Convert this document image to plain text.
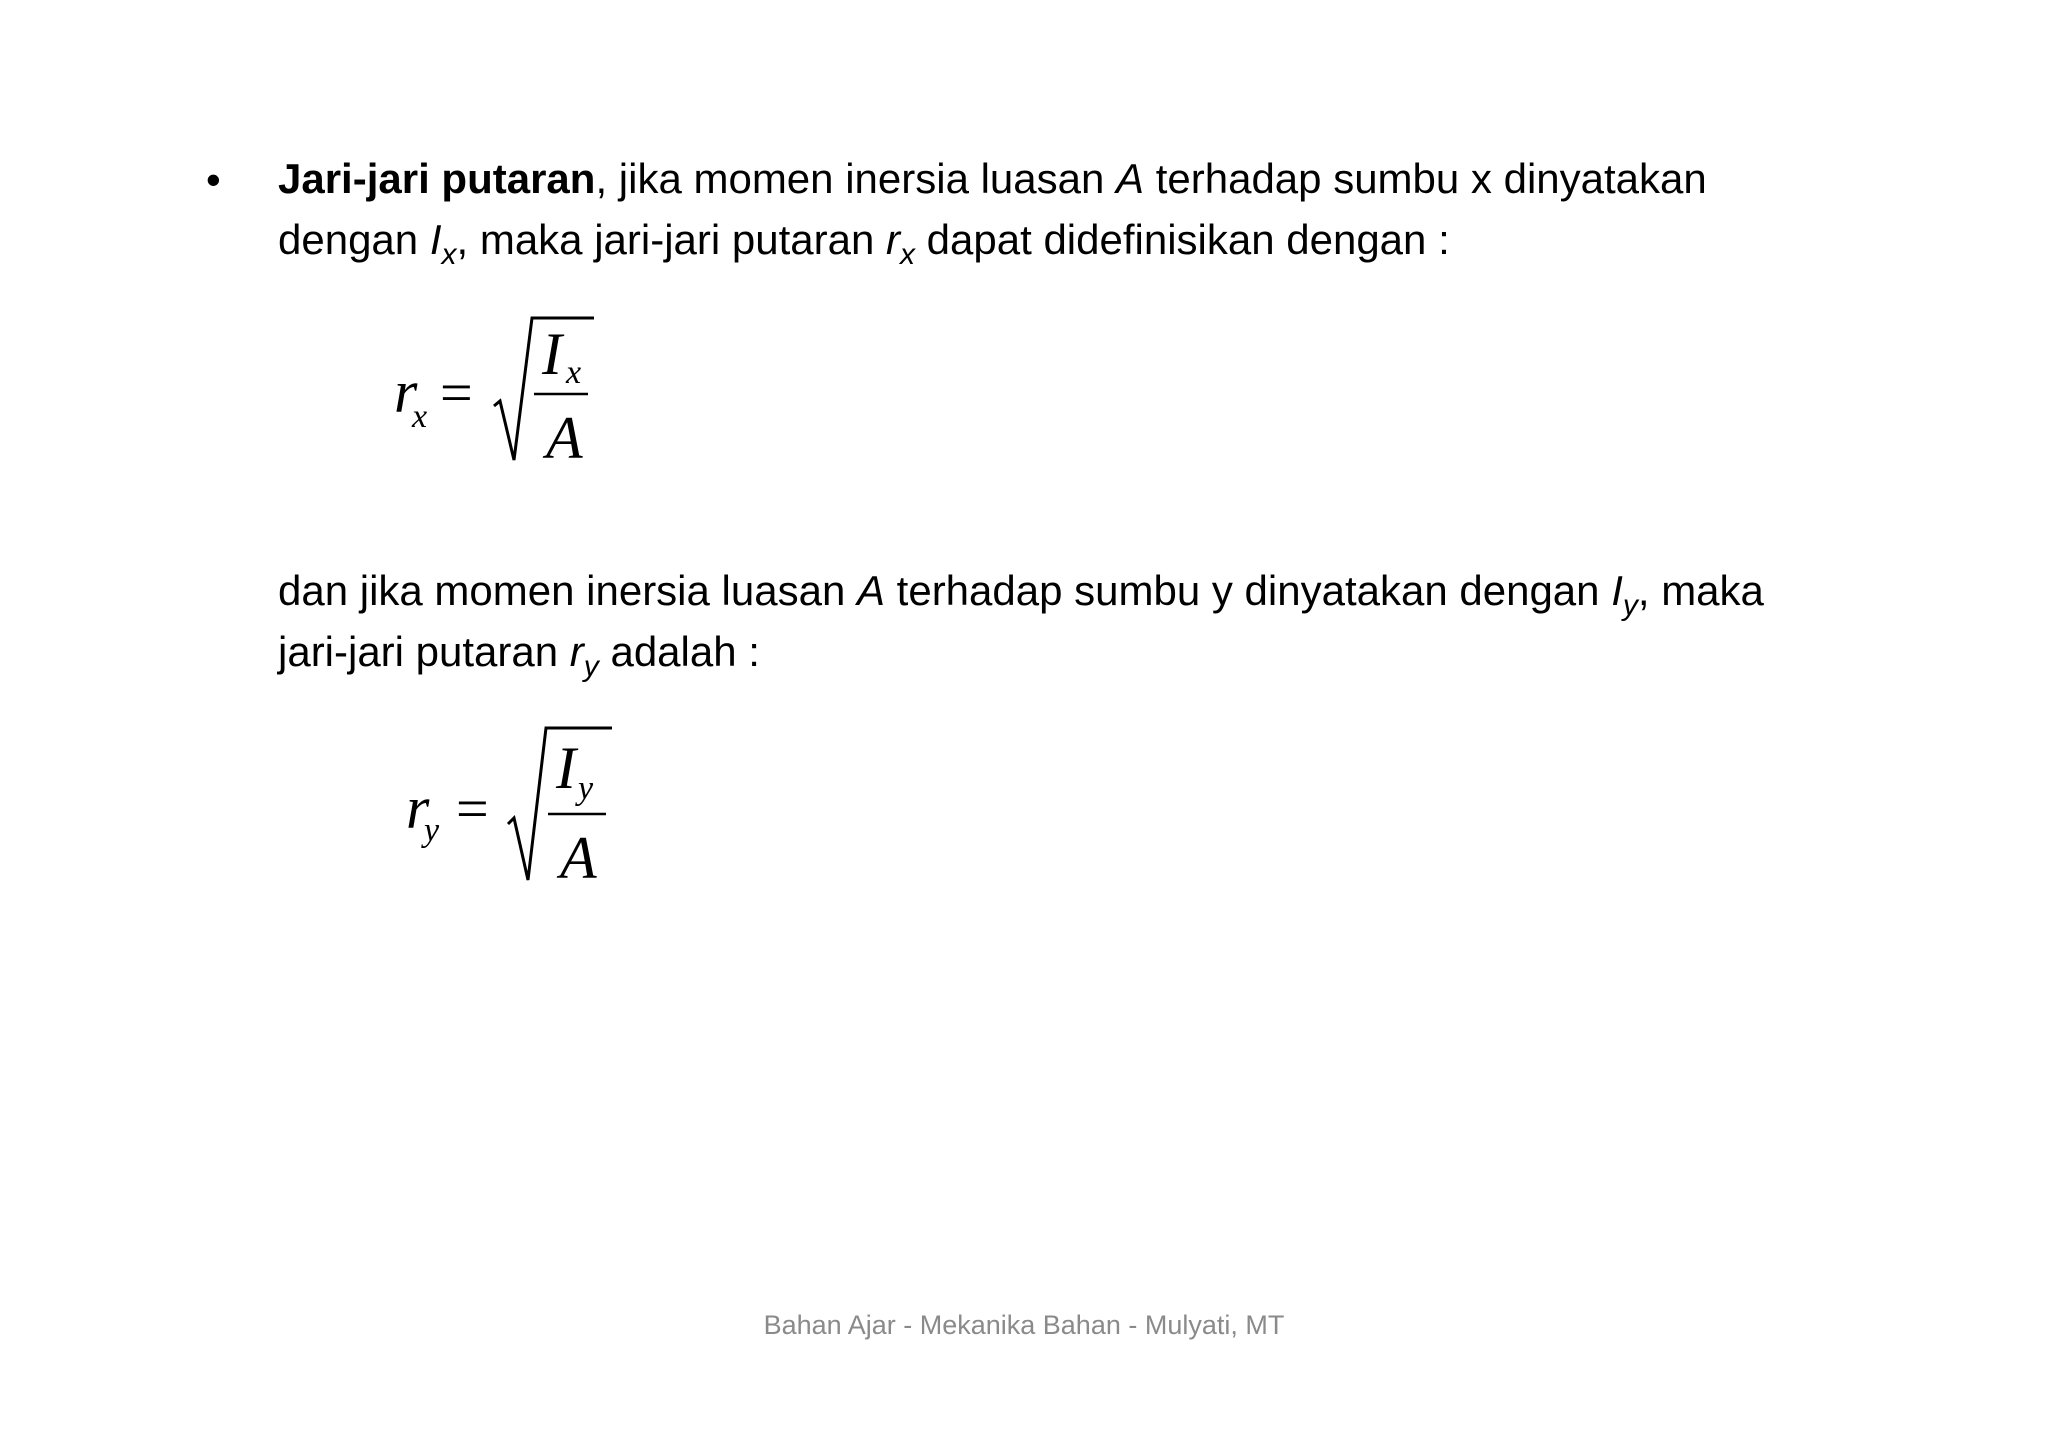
• Jari-jari putaran, jika momen inersia luasan A terhadap sumbu x dinyatakan
dengan $I_x$, maka jari-jari putaran $r_x$ dapat didefinisikan dengan :
r
x =
I x
A
dan jika momen inersia luasan A terhadap sumbu y dinyatakan dengan $I_y$, maka
jari-jari putaran $r_y$ adalah :
r
y =
I y
A
Bahan Ajar - Mekanika Bahan - Mulyati, MT
